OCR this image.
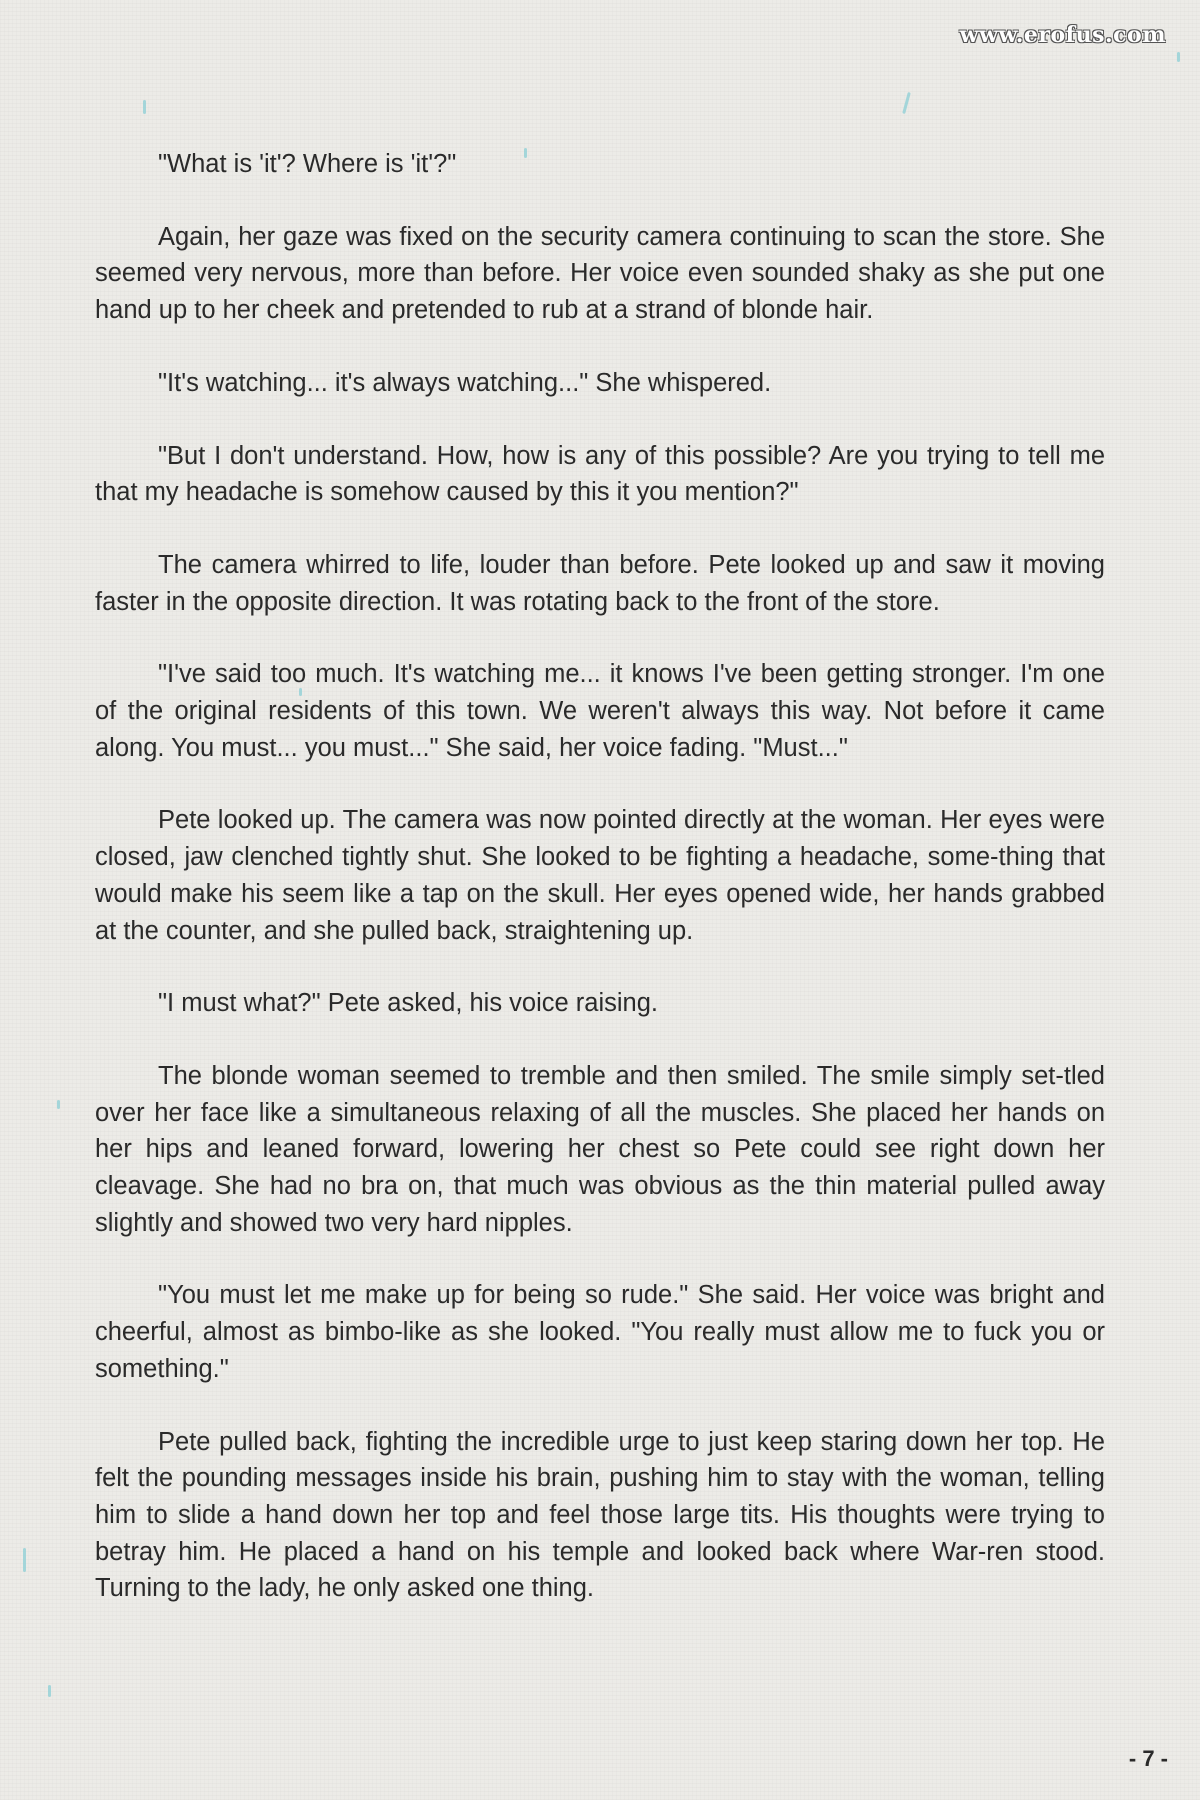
www.erofus.com

"What is 'it'? Where is 'it'?"

Again, her gaze was fixed on the security camera continuing to scan the store. She seemed very nervous, more than before. Her voice even sounded shaky as she put one hand up to her cheek and pretended to rub at a strand of blonde hair.

"It's watching... it's always watching..." She whispered.

"But I don't understand. How, how is any of this possible? Are you trying to tell me that my headache is somehow caused by this it you mention?"

The camera whirred to life, louder than before. Pete looked up and saw it moving faster in the opposite direction. It was rotating back to the front of the store.

"I've said too much. It's watching me... it knows I've been getting stronger. I'm one of the original residents of this town. We weren't always this way. Not before it came along. You must... you must..." She said, her voice fading. "Must..."

Pete looked up. The camera was now pointed directly at the woman. Her eyes were closed, jaw clenched tightly shut. She looked to be fighting a headache, some-thing that would make his seem like a tap on the skull. Her eyes opened wide, her hands grabbed at the counter, and she pulled back, straightening up.

"I must what?" Pete asked, his voice raising.

The blonde woman seemed to tremble and then smiled. The smile simply set-tled over her face like a simultaneous relaxing of all the muscles. She placed her hands on her hips and leaned forward, lowering her chest so Pete could see right down her cleavage. She had no bra on, that much was obvious as the thin material pulled away slightly and showed two very hard nipples.

"You must let me make up for being so rude." She said. Her voice was bright and cheerful, almost as bimbo-like as she looked. "You really must allow me to fuck you or something."

Pete pulled back, fighting the incredible urge to just keep staring down her top. He felt the pounding messages inside his brain, pushing him to stay with the woman, telling him to slide a hand down her top and feel those large tits. His thoughts were trying to betray him. He placed a hand on his temple and looked back where War-ren stood. Turning to the lady, he only asked one thing.

- 7 -
